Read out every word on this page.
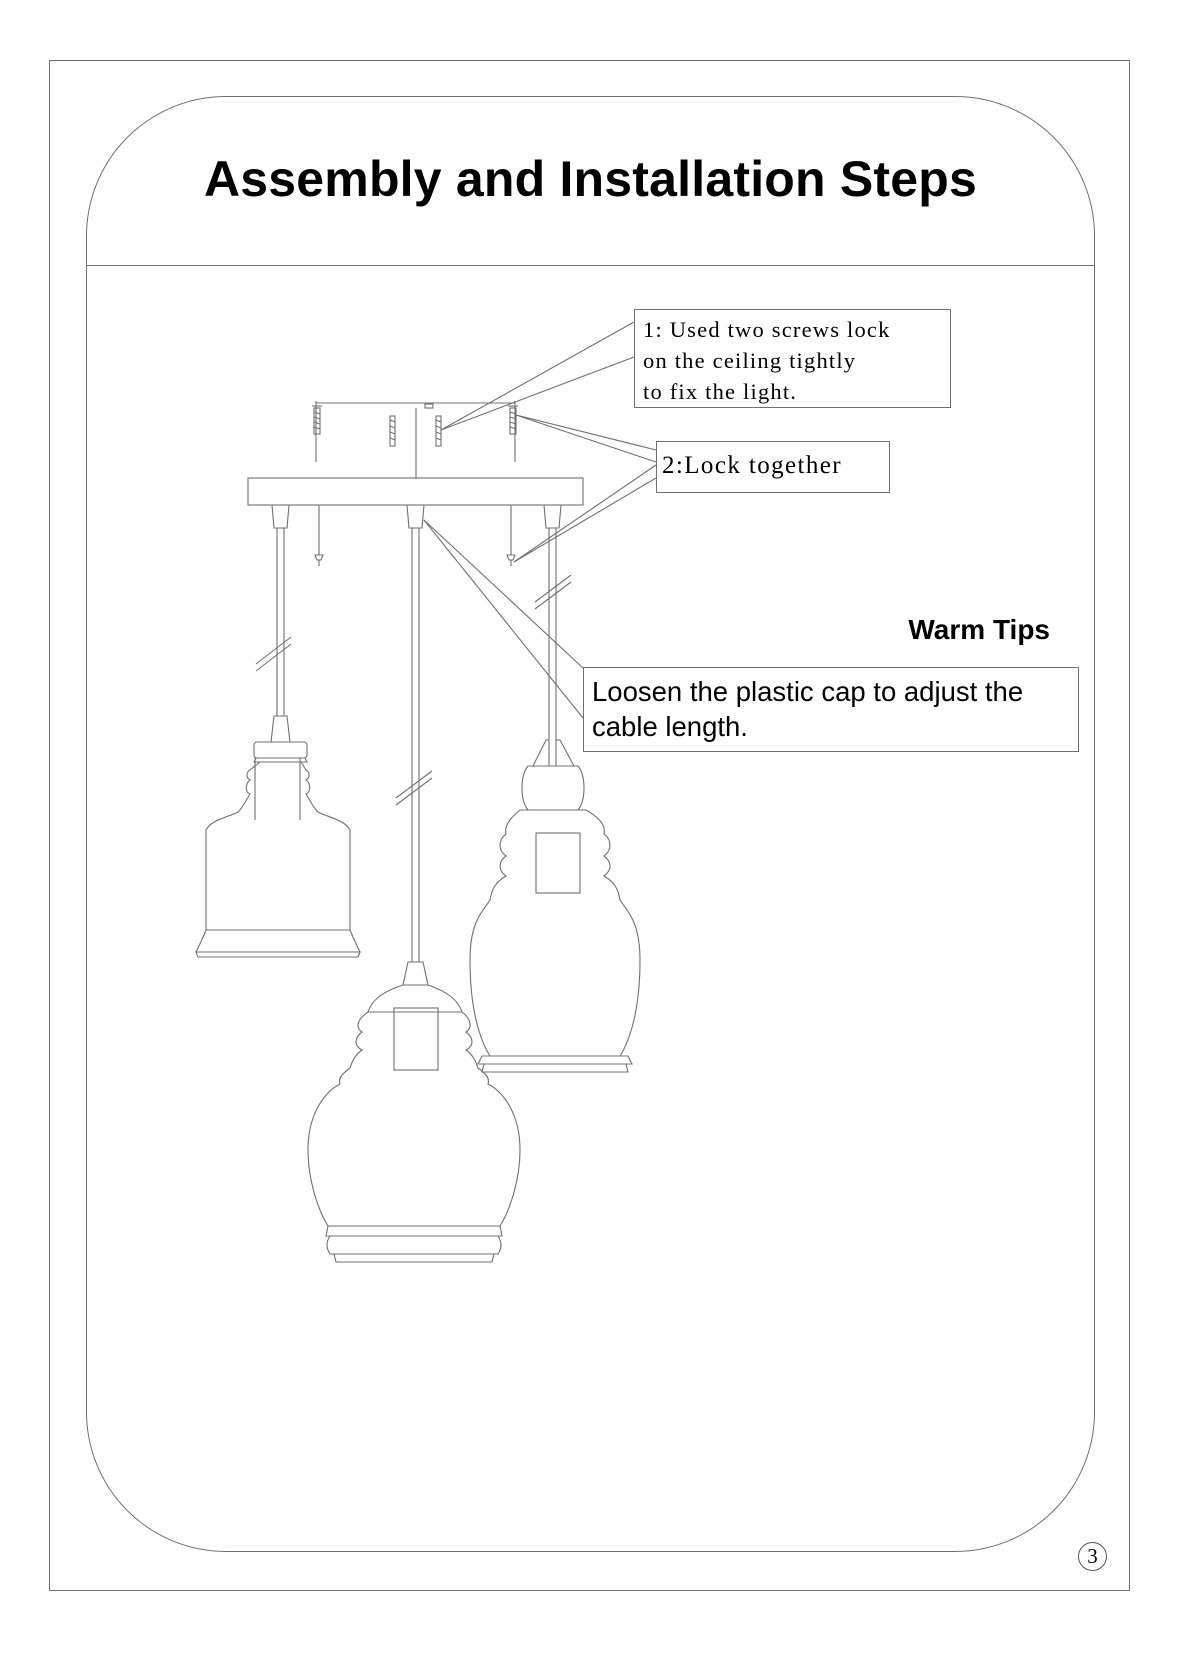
Assembly and Installation Steps
1: Used two screws lock
on the ceiling tightly
to fix the light.
2:Lock together
Warm Tips
Loosen the plastic cap to adjust the cable length.
3
